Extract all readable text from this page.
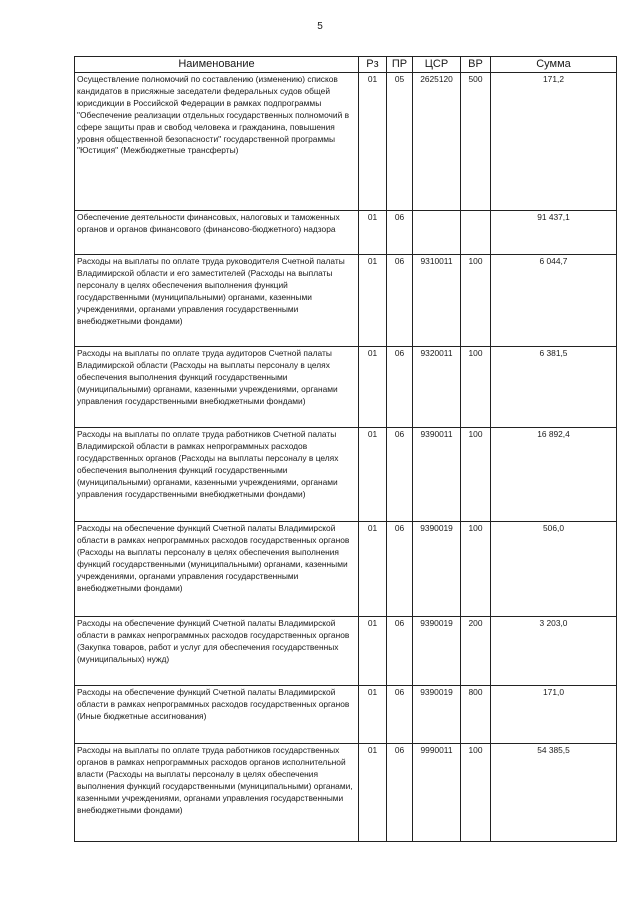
5
Наименование	Рз	ПР	ЦСР	ВР	Сумма
Осуществление полномочий по составлению (изменению) списков кандидатов в присяжные заседатели федеральных судов общей юрисдикции в Российской Федерации в рамках подпрограммы "Обеспечение реализации отдельных государственных полномочий в сфере защиты прав и свобод человека и гражданина, повышения уровня общественной безопасности" государственной программы "Юстиция" (Межбюджетные трансферты)	01	05	2625120	500	171,2
Обеспечение деятельности финансовых, налоговых и таможенных органов и органов финансового (финансово-бюджетного) надзора	01	06			91 437,1
Расходы на выплаты по оплате труда руководителя Счетной палаты Владимирской области и его заместителей (Расходы на выплаты персоналу в целях обеспечения выполнения функций государственными (муниципальными) органами, казенными учреждениями, органами управления государственными внебюджетными фондами)	01	06	9310011	100	6 044,7
Расходы на выплаты по оплате труда аудиторов Счетной палаты Владимирской области (Расходы на выплаты персоналу в целях обеспечения выполнения функций государственными (муниципальными) органами, казенными учреждениями, органами управления государственными внебюджетными фондами)	01	06	9320011	100	6 381,5
Расходы на выплаты по оплате труда работников Счетной палаты Владимирской области в рамках непрограммных расходов государственных органов (Расходы на выплаты персоналу в целях обеспечения выполнения функций государственными (муниципальными) органами, казенными учреждениями, органами управления государственными внебюджетными фондами)	01	06	9390011	100	16 892,4
Расходы на обеспечение функций Счетной палаты Владимирской области в рамках непрограммных расходов государственных органов (Расходы на выплаты персоналу в целях обеспечения выполнения функций государственными (муниципальными) органами, казенными учреждениями, органами управления государственными внебюджетными фондами)	01	06	9390019	100	506,0
Расходы на обеспечение функций Счетной палаты Владимирской области в рамках непрограммных расходов государственных органов (Закупка товаров, работ и услуг для обеспечения государственных (муниципальных) нужд)	01	06	9390019	200	3 203,0
Расходы на обеспечение функций Счетной палаты Владимирской области в рамках непрограммных расходов государственных органов (Иные бюджетные ассигнования)	01	06	9390019	800	171,0
Расходы на выплаты по оплате труда работников государственных органов в рамках непрограммных расходов органов исполнительной власти (Расходы на выплаты персоналу в целях обеспечения выполнения функций государственными (муниципальными) органами, казенными учреждениями, органами управления государственными внебюджетными фондами)	01	06	9990011	100	54 385,5
